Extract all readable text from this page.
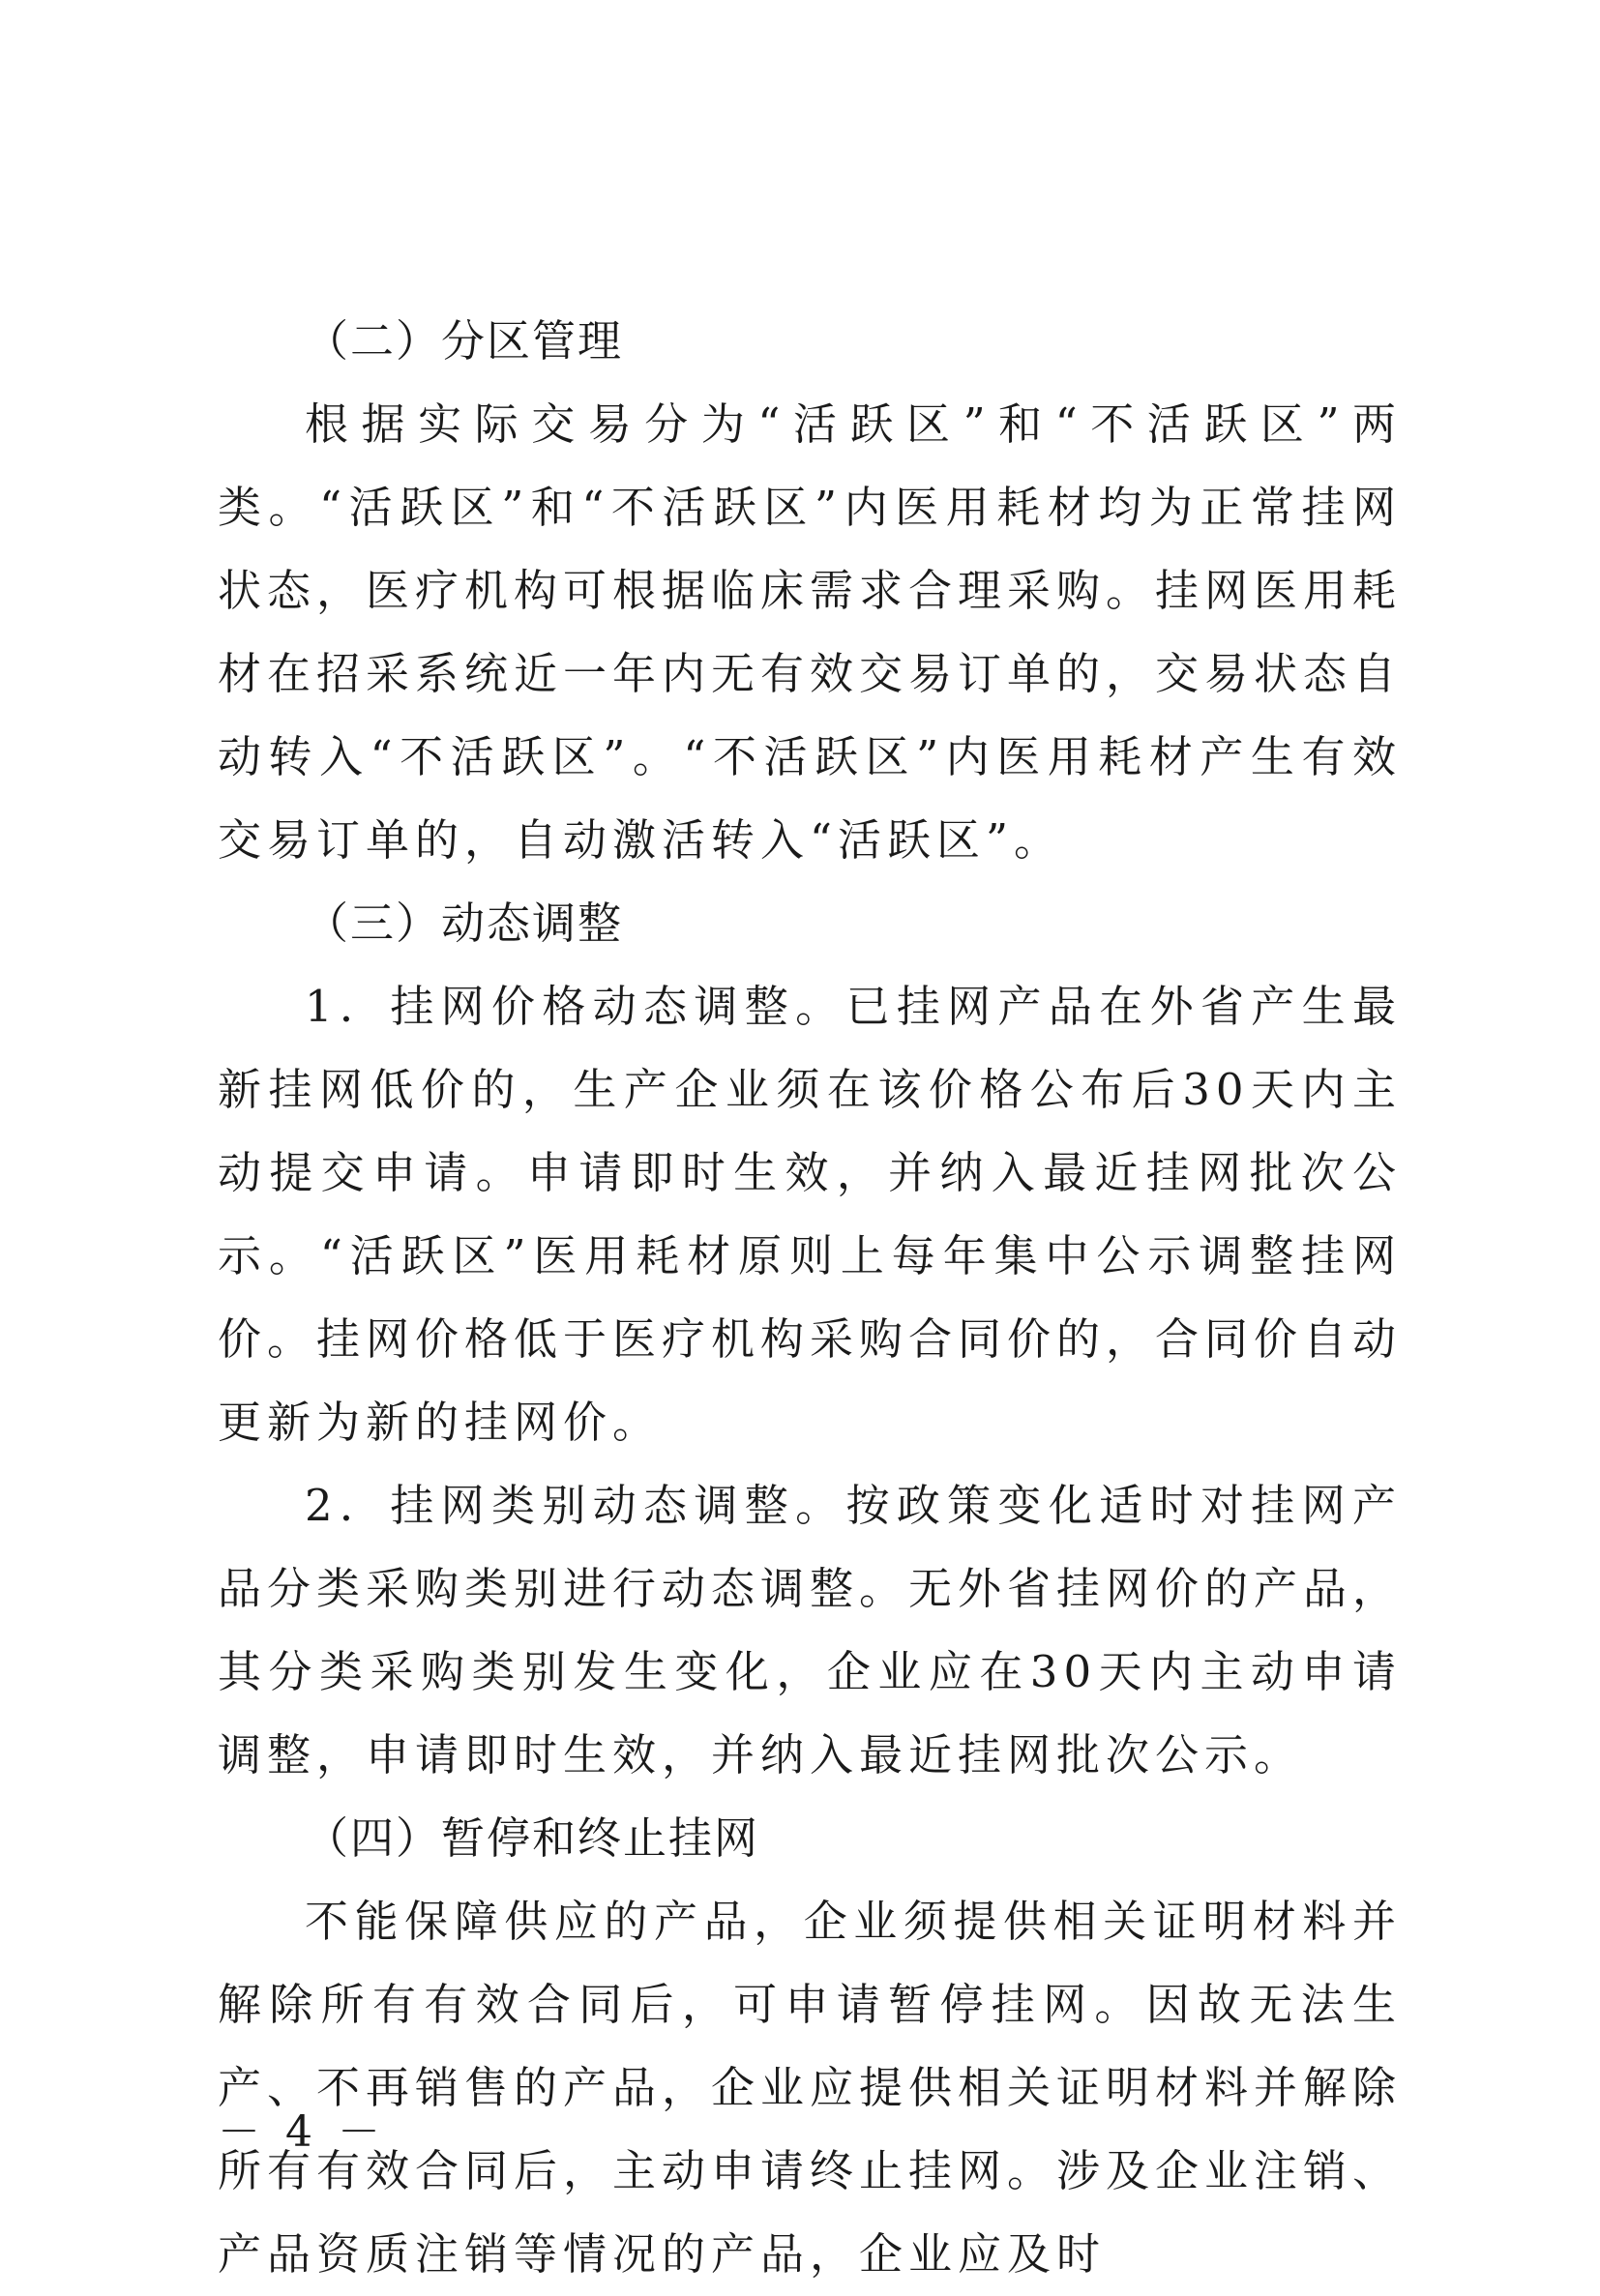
（二）分区管理

根据实际交易分为“活跃区”和“不活跃区”两类。“活跃区”和“不活跃区”内医用耗材均为正常挂网状态，医疗机构可根据临床需求合理采购。挂网医用耗材在招采系统近一年内无有效交易订单的，交易状态自动转入“不活跃区”。“不活跃区”内医用耗材产生有效交易订单的，自动激活转入“活跃区”。

（三）动态调整

1．挂网价格动态调整。已挂网产品在外省产生最新挂网低价的，生产企业须在该价格公布后30天内主动提交申请。申请即时生效，并纳入最近挂网批次公示。“活跃区”医用耗材原则上每年集中公示调整挂网价。挂网价格低于医疗机构采购合同价的，合同价自动更新为新的挂网价。

2．挂网类别动态调整。按政策变化适时对挂网产品分类采购类别进行动态调整。无外省挂网价的产品，其分类采购类别发生变化，企业应在30天内主动申请调整，申请即时生效，并纳入最近挂网批次公示。

（四）暂停和终止挂网

不能保障供应的产品，企业须提供相关证明材料并解除所有有效合同后，可申请暂停挂网。因故无法生产、不再销售的产品，企业应提供相关证明材料并解除所有有效合同后，主动申请终止挂网。涉及企业注销、产品资质注销等情况的产品，企业应及时

－ 4 －
